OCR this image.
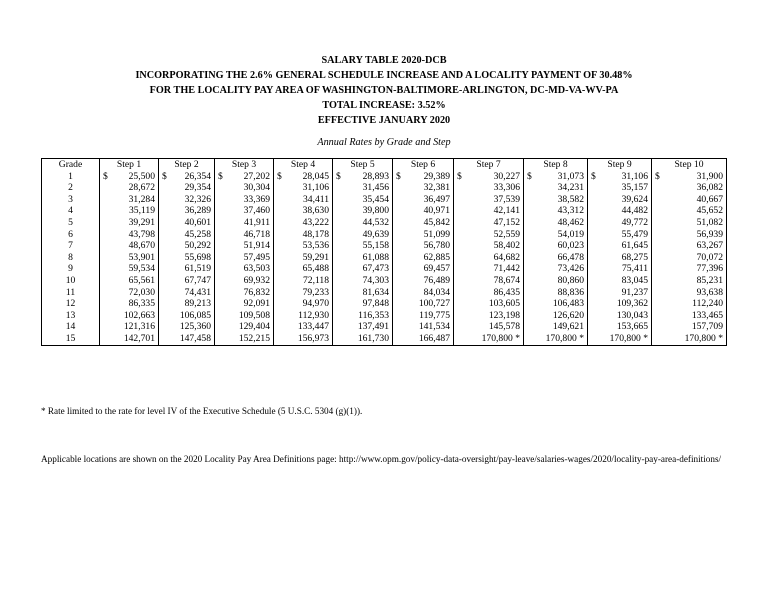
SALARY TABLE 2020-DCB
INCORPORATING THE 2.6% GENERAL SCHEDULE INCREASE AND A LOCALITY PAYMENT OF 30.48%
FOR THE LOCALITY PAY AREA OF WASHINGTON-BALTIMORE-ARLINGTON, DC-MD-VA-WV-PA
TOTAL INCREASE: 3.52%
EFFECTIVE JANUARY 2020
Annual Rates by Grade and Step
Grade	Step 1	Step 2	Step 3	Step 4	Step 5	Step 6	Step 7	Step 8	Step 9	Step 10
1	$ 25,500	$ 26,354	$ 27,202	$ 28,045	$ 28,893	$ 29,389	$ 30,227	$ 31,073	$ 31,106	$ 31,900
2	28,672	29,354	30,304	31,106	31,456	32,381	33,306	34,231	35,157	36,082
3	31,284	32,326	33,369	34,411	35,454	36,497	37,539	38,582	39,624	40,667
4	35,119	36,289	37,460	38,630	39,800	40,971	42,141	43,312	44,482	45,652
5	39,291	40,601	41,911	43,222	44,532	45,842	47,152	48,462	49,772	51,082
6	43,798	45,258	46,718	48,178	49,639	51,099	52,559	54,019	55,479	56,939
7	48,670	50,292	51,914	53,536	55,158	56,780	58,402	60,023	61,645	63,267
8	53,901	55,698	57,495	59,291	61,088	62,885	64,682	66,478	68,275	70,072
9	59,534	61,519	63,503	65,488	67,473	69,457	71,442	73,426	75,411	77,396
10	65,561	67,747	69,932	72,118	74,303	76,489	78,674	80,860	83,045	85,231
11	72,030	74,431	76,832	79,233	81,634	84,034	86,435	88,836	91,237	93,638
12	86,335	89,213	92,091	94,970	97,848	100,727	103,605	106,483	109,362	112,240
13	102,663	106,085	109,508	112,930	116,353	119,775	123,198	126,620	130,043	133,465
14	121,316	125,360	129,404	133,447	137,491	141,534	145,578	149,621	153,665	157,709
15	142,701	147,458	152,215	156,973	161,730	166,487	170,800 *	170,800 *	170,800 *	170,800 *
* Rate limited to the rate for level IV of the Executive Schedule (5 U.S.C. 5304 (g)(1)).
Applicable locations are shown on the 2020 Locality Pay Area Definitions page: http://www.opm.gov/policy-data-oversight/pay-leave/salaries-wages/2020/locality-pay-area-definitions/
